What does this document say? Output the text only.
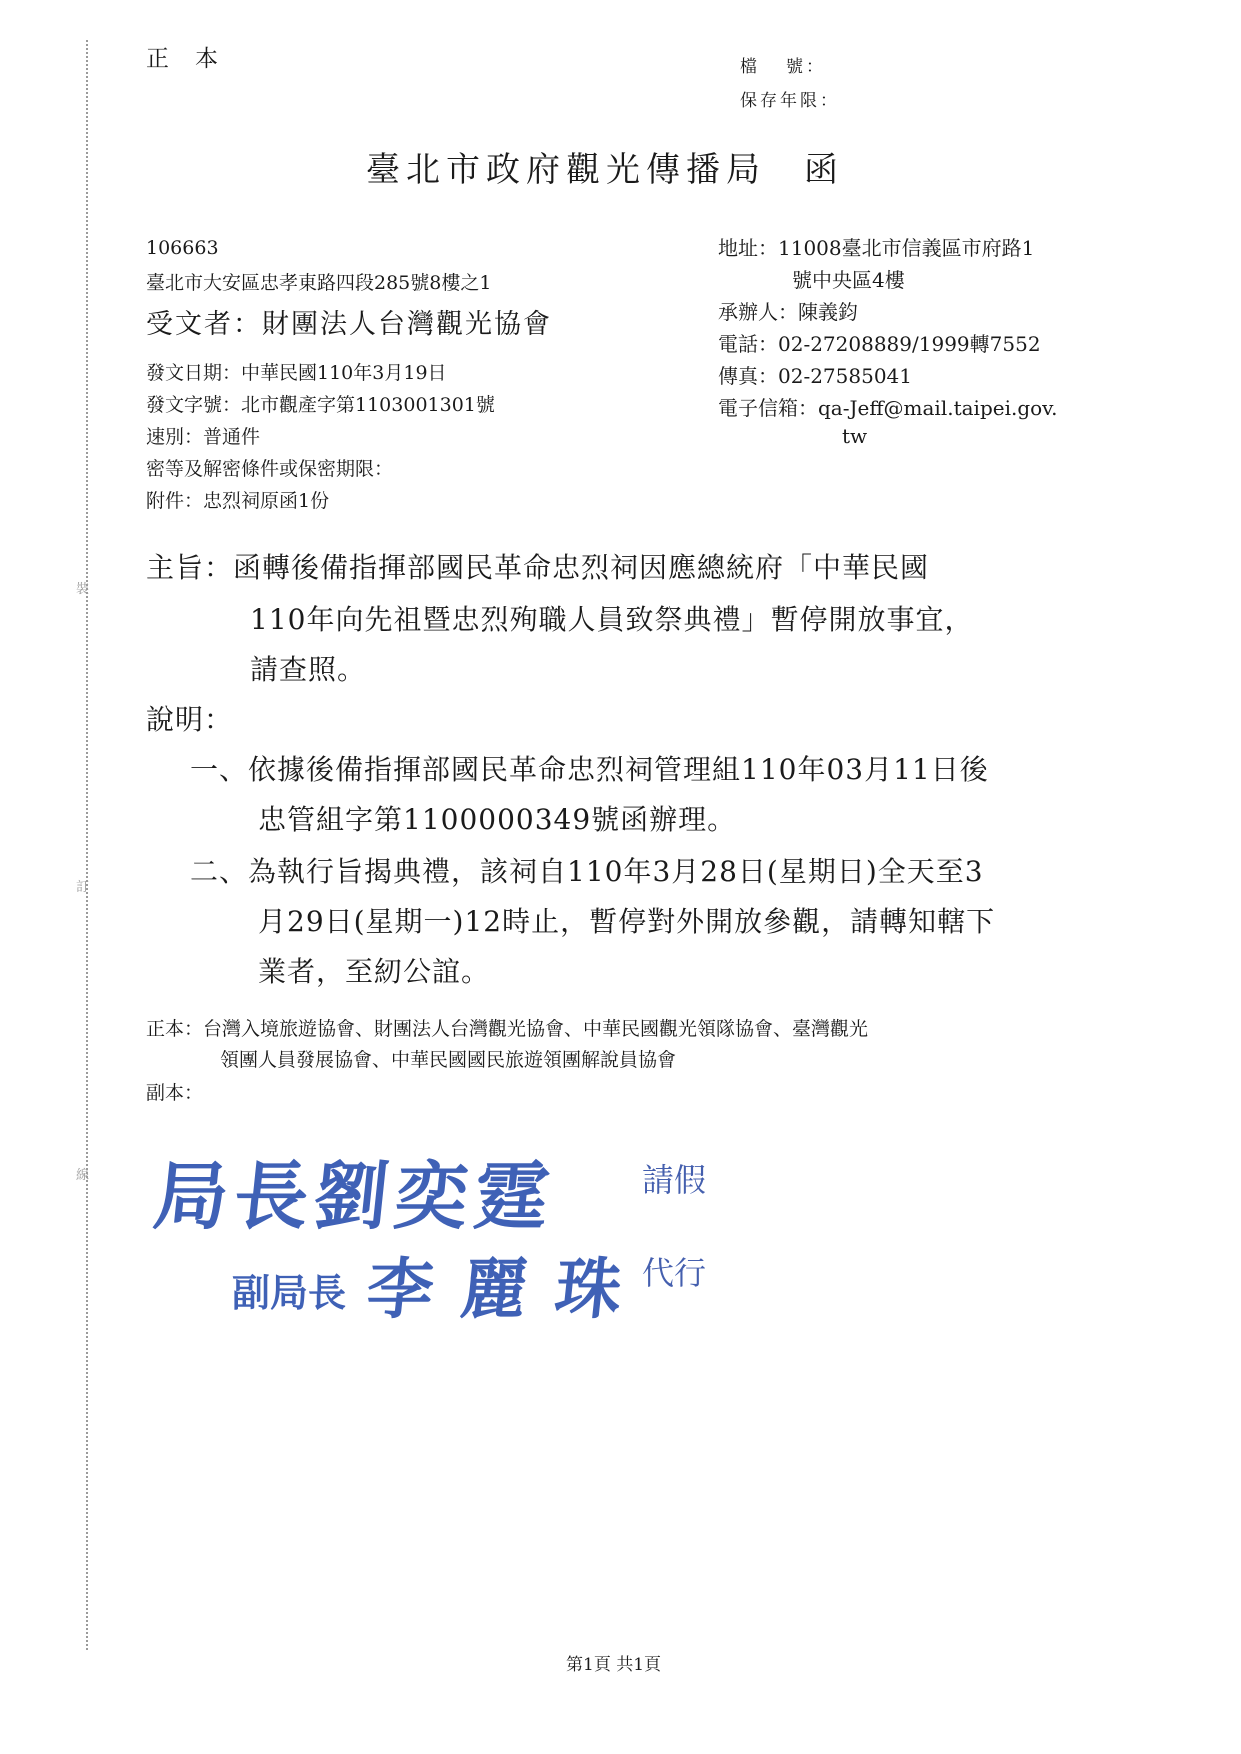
裝
訂
線
正本	檔 號：
保存年限：
臺北市政府觀光傳播局 函
106663
臺北市大安區忠孝東路四段285號8樓之1
受文者：財團法人台灣觀光協會
地址：11008臺北市信義區市府路1
號中央區4樓
承辦人：陳義鈞
電話：02-27208889/1999轉7552
傳真：02-27585041
電子信箱：qa-Jeff@mail.taipei.gov.
tw
發文日期：中華民國110年3月19日
發文字號：北市觀產字第1103001301號
速別：普通件
密等及解密條件或保密期限：
附件：忠烈祠原函1份
主旨：函轉後備指揮部國民革命忠烈祠因應總統府「中華民國
110年向先祖暨忠烈殉職人員致祭典禮」暫停開放事宜，
請查照。
說明：
一、依據後備指揮部國民革命忠烈祠管理組110年03月11日後
忠管組字第1100000349號函辦理。
二、為執行旨揭典禮，該祠自110年3月28日(星期日)全天至3
月29日(星期一)12時止，暫停對外開放參觀，請轉知轄下
業者，至紉公誼。
正本：台灣入境旅遊協會、財團法人台灣觀光協會、中華民國觀光領隊協會、臺灣觀光
領團人員發展協會、中華民國國民旅遊領團解說員協會
副本：
局長劉奕霆	請假
副局長 李麗珠
代行
第1頁 共1頁
